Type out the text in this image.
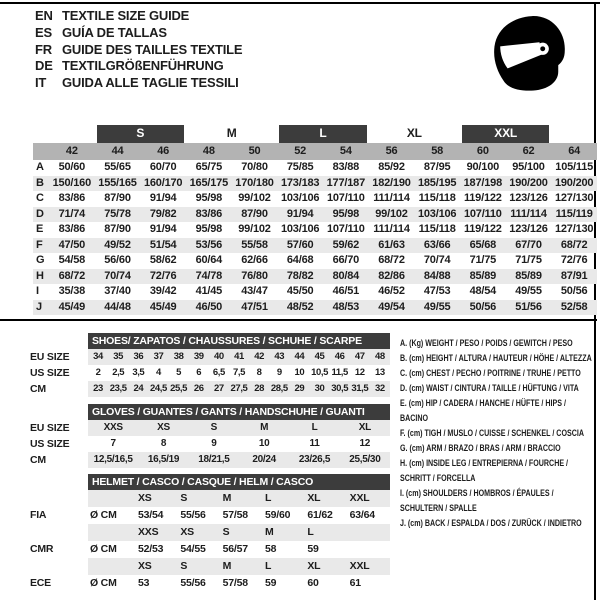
EN TEXTILE SIZE GUIDE
ES GUÍA DE TALLAS
FR GUIDE DES TAILLES TEXTILE
DE TEXTILGRÖßENFÜHRUNG
IT	GUIDA ALLE TAGLIE TESSILI
S	M	L	XL	XXL
42	44	46	48	50	52	54	56	58	60	62	64
A	50/60	55/65	60/70	65/75	70/80	75/85	83/88	85/92	87/95	90/100	95/100 105/115
B 150/160 155/165 160/170 165/175 170/180 173/183 177/187 182/190 185/195 187/198 190/200 190/200
C	83/86	87/90	91/94	95/98	99/102 103/106 107/110 111/114 115/118 119/122 123/126 127/130
D	71/74	75/78	79/82	83/86	87/90	91/94	95/98	99/102 103/106 107/110 111/114 115/119
E	83/86	87/90	91/94	95/98	99/102 103/106 107/110 111/114 115/118 119/122 123/126 127/130
F	47/50	49/52	51/54	53/56	55/58	57/60	59/62	61/63	63/66	65/68	67/70	68/72
G	54/58	56/60	58/62	60/64	62/66	64/68	66/70	68/72	70/74	71/75	71/75	72/76
H	68/72	70/74	72/76	74/78	76/80	78/82	80/84	82/86	84/88	85/89	85/89	87/91
I	35/38	37/40	39/42	41/45	43/47	45/50	46/51	46/52	47/53	48/54	49/55	50/56
J	45/49	44/48	45/49	46/50	47/51	48/52	48/53	49/54	49/55	50/56	51/56	52/58
SHOES/ ZAPATOS / CHAUSSURES / SCHUHE / SCARPE
EU SIZE	34	35	36	37	38	39	40	41	42	43	44	45	46	47	48
US SIZE	2	2,5 3,5	4	5	6	6,5 7,5	8	9	10 10,5 11,5 12	13
CM	23 23,5 24 24,5 25,5 26	27 27,5 28 28,5 29	30 30,5 31,5 32
GLOVES / GUANTES / GANTS / HANDSCHUHE / GUANTI
EU SIZE	XXS	XS	S	M	L	XL
US SIZE	7	8	9	10	11	12
CM	12,5/16,5	16,5/19	18/21,5	20/24	23/26,5	25,5/30
HELMET / CASCO / CASQUE / HELM / CASCO
XS	S	M	L	XL	XXL
FIA	Ø CM	53/54	55/56	57/58	59/60	61/62	63/64
XXS	XS	S	M	L
CMR	Ø CM	52/53	54/55	56/57	58	59
XS	S	M	L	XL	XXL
ECE	Ø CM	53	55/56	57/58	59	60	61
A. (Kg) WEIGHT / PESO / POIDS / GEWITCH / PESO
B. (cm) HEIGHT / ALTURA / HAUTEUR / HÖHE / ALTEZZA
C. (cm) CHEST / PECHO / POITRINE / TRUHE / PETTO
D. (cm) WAIST / CINTURA / TAILLE / HÜFTUNG / VITA
E. (cm) HIP / CADERA / HANCHE / HÜFTE / HIPS / BACINO
F. (cm) TIGH / MUSLO / CUISSE / SCHENKEL / COSCIA
G. (cm) ARM / BRAZO / BRAS / ARM / BRACCIO
H. (cm) INSIDE LEG / ENTREPIERNA / FOURCHE / SCHRITT / FORCELLA
I. (cm) SHOULDERS / HOMBROS / ÉPAULES / SCHULTERN / SPALLE
J. (cm) BACK / ESPALDA / DOS / ZURÜCK / INDIETRO
